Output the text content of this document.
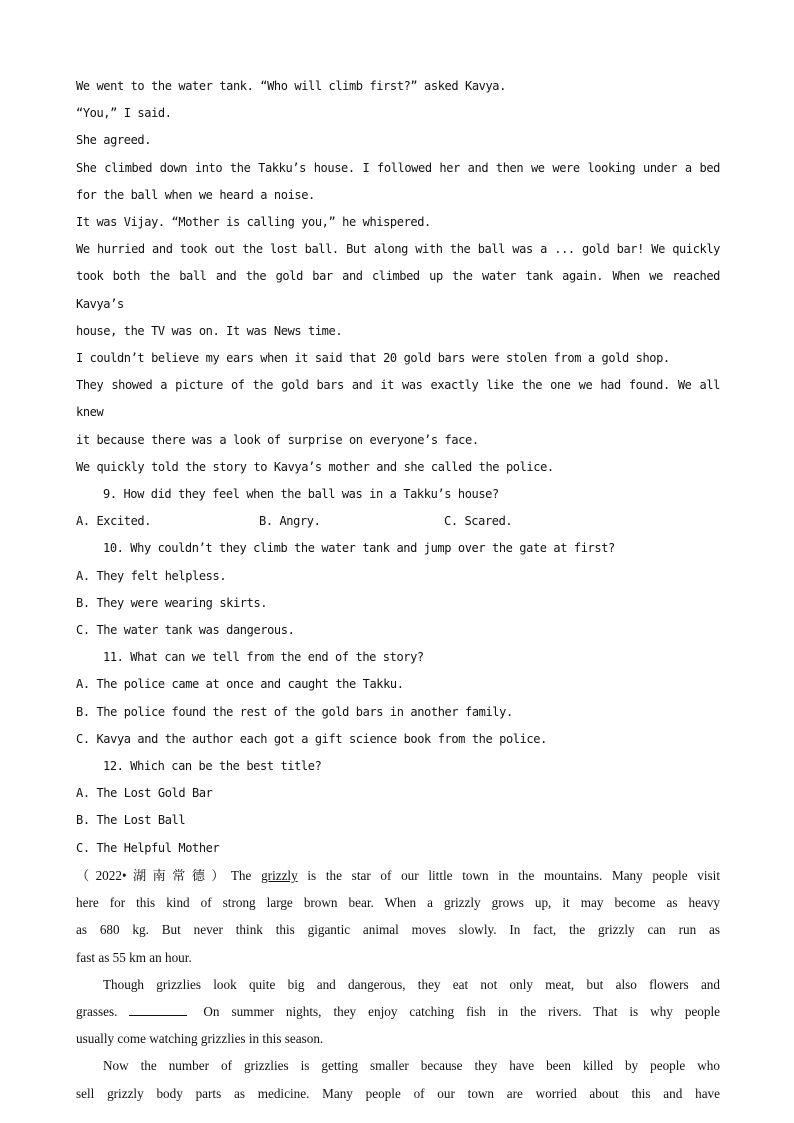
We went to the water tank. “Who will climb first?” asked Kavya.
“You,” I said.
She agreed.
She climbed down into the Takku’s house. I followed her and then we were looking under a bed
for the ball when we heard a noise.
It was Vijay. “Mother is calling you,” he whispered.
We hurried and took out the lost ball. But along with the ball was a ... gold bar! We quickly
took both the ball and the gold bar and climbed up the water tank again. When we reached Kavya’s
house, the TV was on. It was News time.
I couldn’t believe my ears when it said that 20 gold bars were stolen from a gold shop.
They showed a picture of the gold bars and it was exactly like the one we had found. We all knew
it because there was a look of surprise on everyone’s face.
We quickly told the story to Kavya’s mother and she called the police.
9. How did they feel when the ball was in a Takku’s house?
A. Excited.	B. Angry.	C. Scared.
10. Why couldn’t they climb the water tank and jump over the gate at first?
A. They felt helpless.
B. They were wearing skirts.
C. The water tank was dangerous.
11. What can we tell from the end of the story?
A. The police came at once and caught the Takku.
B. The police found the rest of the gold bars in another family.
C. Kavya and the author each got a gift science book from the police.
12. Which can be the best title?
A. The Lost Gold Bar
B. The Lost Ball
C. The Helpful Mother
（2022•湖南常德）The grizzly is the star of our little town in the mountains. Many people visit
here for this kind of strong large brown bear. When a grizzly grows up, it may become as heavy
as 680 kg. But never think this gigantic animal moves slowly. In fact, the grizzly can run as
fast as 55 km an hour.
Though grizzlies look quite big and dangerous, they eat not only meat, but also flowers and
grasses.	On summer nights, they enjoy catching fish in the rivers. That is why people
usually come watching grizzlies in this season.
Now the number of grizzlies is getting smaller because they have been killed by people who
sell grizzly body parts as medicine. Many people of our town are worried about this and have
